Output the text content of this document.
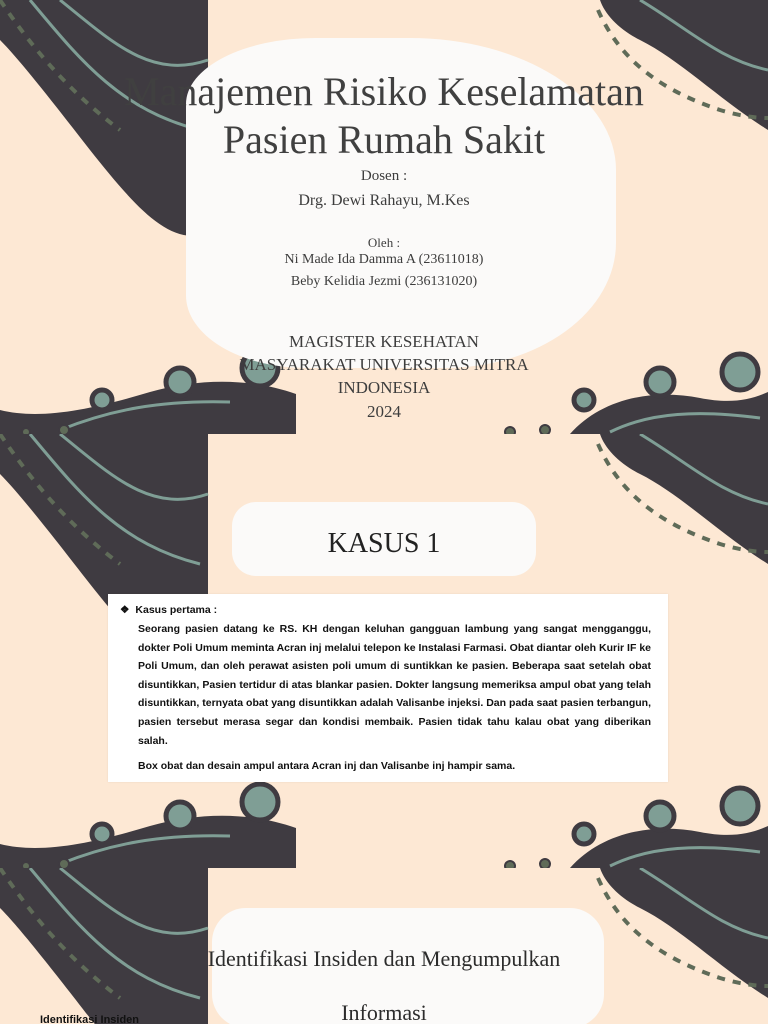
Manajemen Risiko Keselamatan Pasien Rumah Sakit
Dosen :
Drg. Dewi Rahayu, M.Kes
Oleh :
Ni Made Ida Damma A (23611018)
Beby Kelidia Jezmi (236131020)
MAGISTER KESEHATAN MASYARAKAT UNIVERSITAS MITRA INDONESIA
2024
KASUS 1
❖ Kasus pertama :
Seorang pasien datang ke RS. KH dengan keluhan gangguan lambung yang sangat mengganggu, dokter Poli Umum meminta Acran inj melalui telepon ke Instalasi Farmasi. Obat diantar oleh Kurir IF ke Poli Umum, dan oleh perawat asisten poli umum di suntikkan ke pasien. Beberapa saat setelah obat disuntikkan, Pasien tertidur di atas blankar pasien. Dokter langsung memeriksa ampul obat yang telah disuntikkan, ternyata obat yang disuntikkan adalah Valisanbe injeksi. Dan pada saat pasien terbangun, pasien tersebut merasa segar dan kondisi membaik. Pasien tidak tahu kalau obat yang diberikan salah.
Box obat dan desain ampul antara Acran inj dan Valisanbe inj hampir sama.
Identifikasi Insiden dan Mengumpulkan Informasi
Identifikasi Insiden
